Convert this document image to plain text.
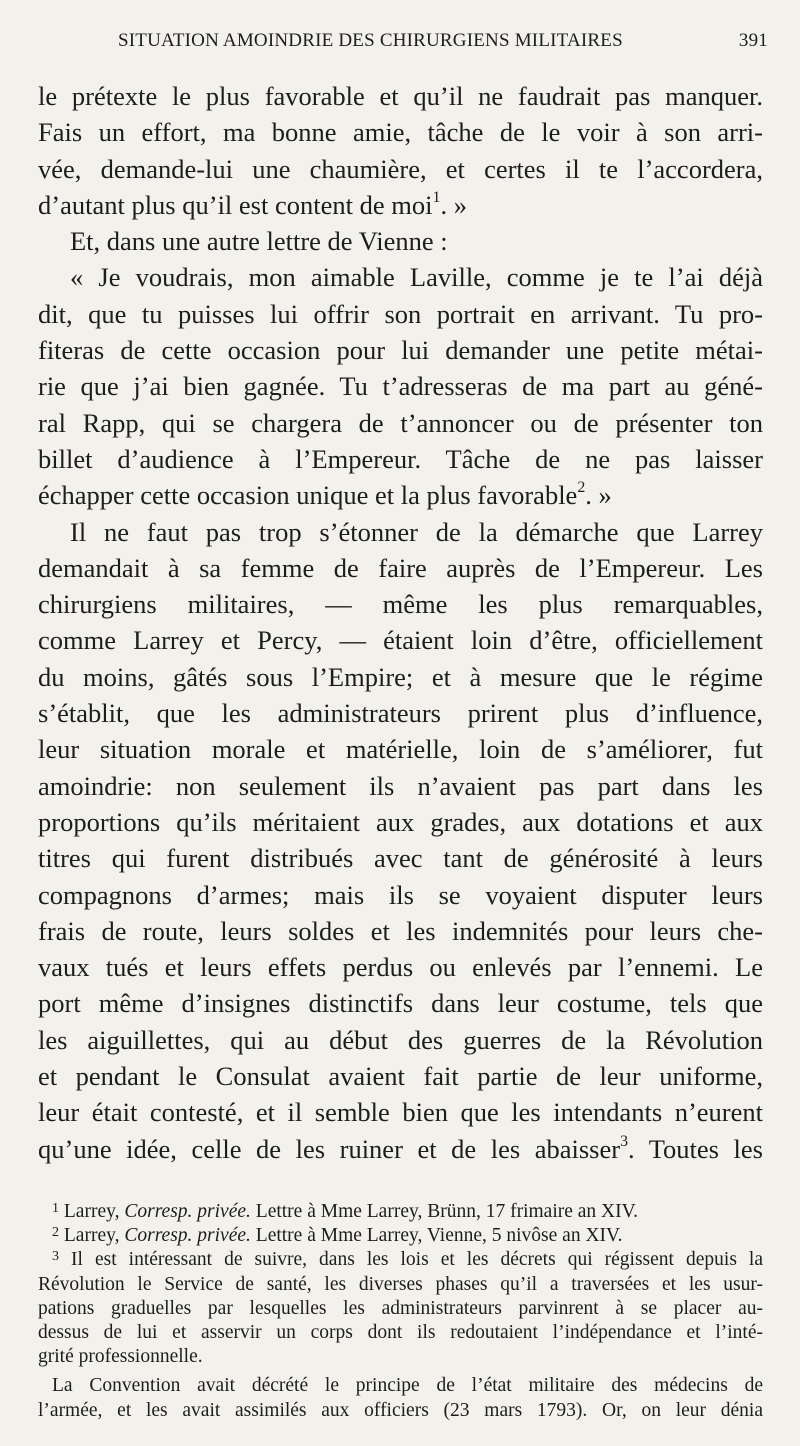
SITUATION AMOINDRIE DES CHIRURGIENS MILITAIRES	391

le prétexte le plus favorable et qu’il ne faudrait pas manquer.

Fais un effort, ma bonne amie, tâche de le voir à son arri-

vée, demande-lui une chaumière, et certes il te l’accordera,

d’autant plus qu’il est content de moi$^1$. »

Et, dans une autre lettre de Vienne :

« Je voudrais, mon aimable Laville, comme je te l’ai déjà

dit, que tu puisses lui offrir son portrait en arrivant. Tu pro-

fiteras de cette occasion pour lui demander une petite métai-

rie que j’ai bien gagnée. Tu t’adresseras de ma part au géné-

ral Rapp, qui se chargera de t’annoncer ou de présenter ton

billet d’audience à l’Empereur. Tâche de ne pas laisser

échapper cette occasion unique et la plus favorable$^2$. »

Il ne faut pas trop s’étonner de la démarche que Larrey

demandait à sa femme de faire auprès de l’Empereur. Les

chirurgiens militaires, — même les plus remarquables,

comme Larrey et Percy, — étaient loin d’être, officiellement

du moins, gâtés sous l’Empire; et à mesure que le régime

s’établit, que les administrateurs prirent plus d’influence,

leur situation morale et matérielle, loin de s’améliorer, fut

amoindrie: non seulement ils n’avaient pas part dans les

proportions qu’ils méritaient aux grades, aux dotations et aux

titres qui furent distribués avec tant de générosité à leurs

compagnons d’armes; mais ils se voyaient disputer leurs

frais de route, leurs soldes et les indemnités pour leurs che-

vaux tués et leurs effets perdus ou enlevés par l’ennemi. Le

port même d’insignes distinctifs dans leur costume, tels que

les aiguillettes, qui au début des guerres de la Révolution

et pendant le Consulat avaient fait partie de leur uniforme,

leur était contesté, et il semble bien que les intendants n’eurent

qu’une idée, celle de les ruiner et de les abaisser$^3$. Toutes les

$^1$ Larrey, Corresp. privée. Lettre à Mme Larrey, Brünn, 17 frimaire an XIV.

$^2$ Larrey, Corresp. privée. Lettre à Mme Larrey, Vienne, 5 nivôse an XIV.

$^3$ Il est intéressant de suivre, dans les lois et les décrets qui régissent depuis la

Révolution le Service de santé, les diverses phases qu’il a traversées et les usur-

pations graduelles par lesquelles les administrateurs parvinrent à se placer au-

dessus de lui et asservir un corps dont ils redoutaient l’indépendance et l’inté-

grité professionnelle.

La Convention avait décrété le principe de l’état militaire des médecins de

l’armée, et les avait assimilés aux officiers (23 mars 1793). Or, on leur dénia
